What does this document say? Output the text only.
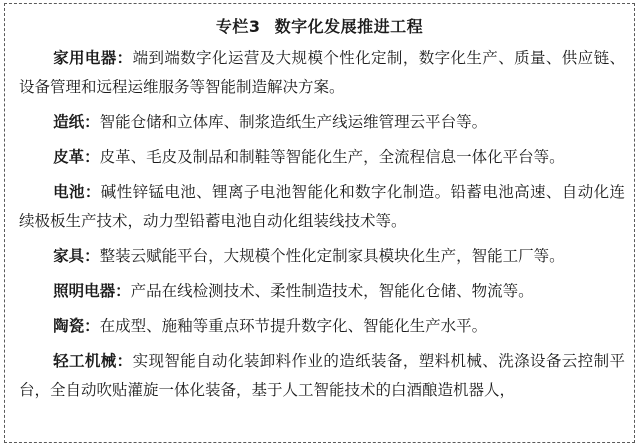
专栏3 数字化发展推进工程

家用电器：端到端数字化运营及大规模个性化定制，数字化生产、质量、供应链、设备管理和远程运维服务等智能制造解决方案。

造纸：智能仓储和立体库、制浆造纸生产线运维管理云平台等。

皮革：皮革、毛皮及制品和制鞋等智能化生产，全流程信息一体化平台等。

电池：碱性锌锰电池、锂离子电池智能化和数字化制造。铅蓄电池高速、自动化连续极板生产技术，动力型铅蓄电池自动化组装线技术等。

家具：整装云赋能平台，大规模个性化定制家具模块化生产，智能工厂等。

照明电器：产品在线检测技术、柔性制造技术，智能化仓储、物流等。

陶瓷：在成型、施釉等重点环节提升数字化、智能化生产水平。

轻工机械：实现智能自动化装卸料作业的造纸装备，塑料机械、洗涤设备云控制平台，全自动吹贴灌旋一体化装备，基于人工智能技术的白酒酿造机器人，
